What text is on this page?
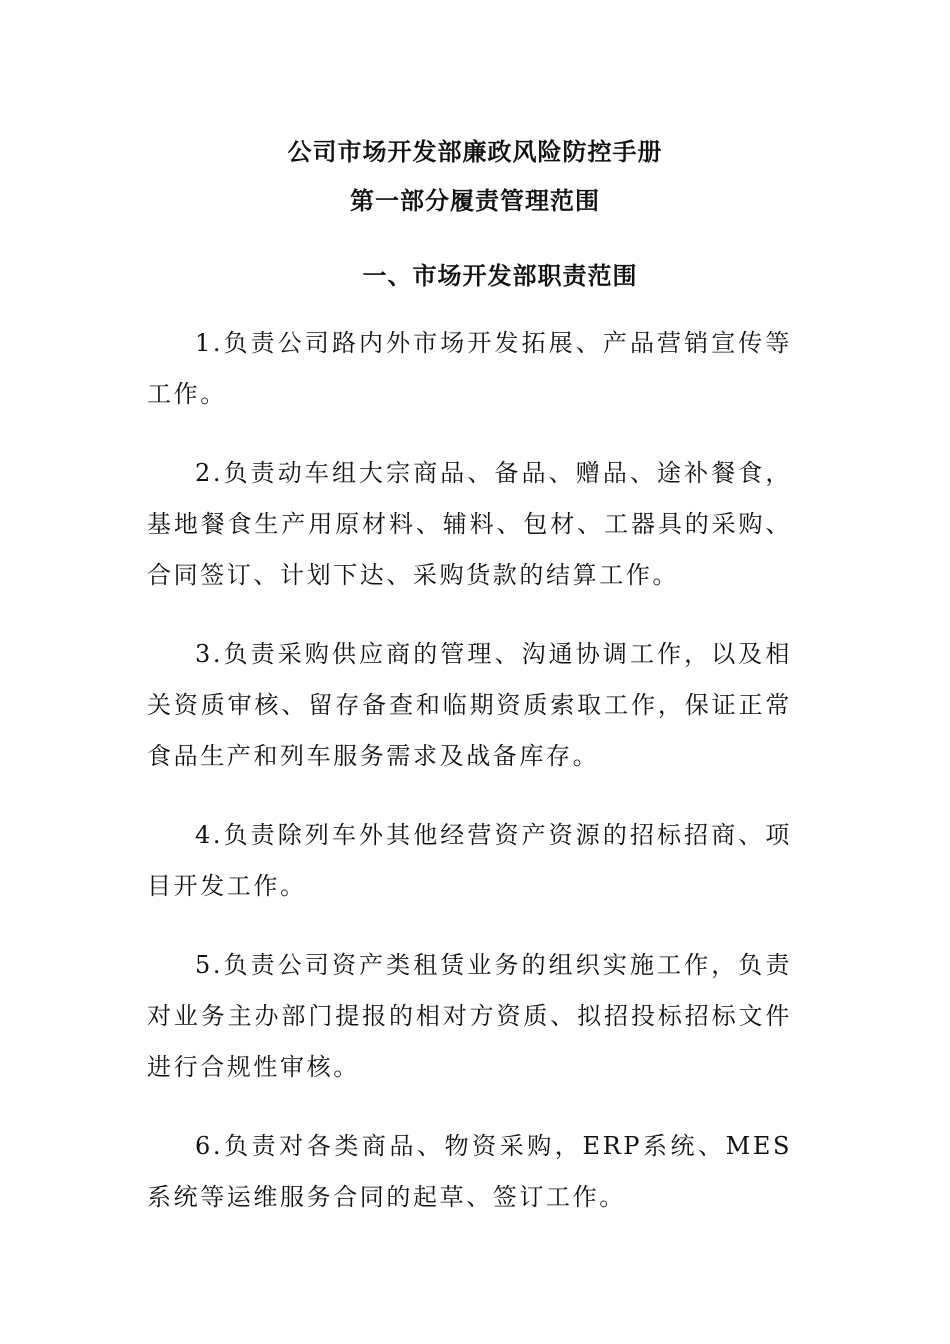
公司市场开发部廉政风险防控手册
第一部分履责管理范围
一、市场开发部职责范围

1.负责公司路内外市场开发拓展、产品营销宣传等工作。

2.负责动车组大宗商品、备品、赠品、途补餐食，基地餐食生产用原材料、辅料、包材、工器具的采购、合同签订、计划下达、采购货款的结算工作。

3.负责采购供应商的管理、沟通协调工作，以及相关资质审核、留存备查和临期资质索取工作，保证正常食品生产和列车服务需求及战备库存。

4.负责除列车外其他经营资产资源的招标招商、项目开发工作。

5.负责公司资产类租赁业务的组织实施工作，负责对业务主办部门提报的相对方资质、拟招投标招标文件进行合规性审核。

6.负责对各类商品、物资采购，ERP系统、MES系统等运维服务合同的起草、签订工作。
